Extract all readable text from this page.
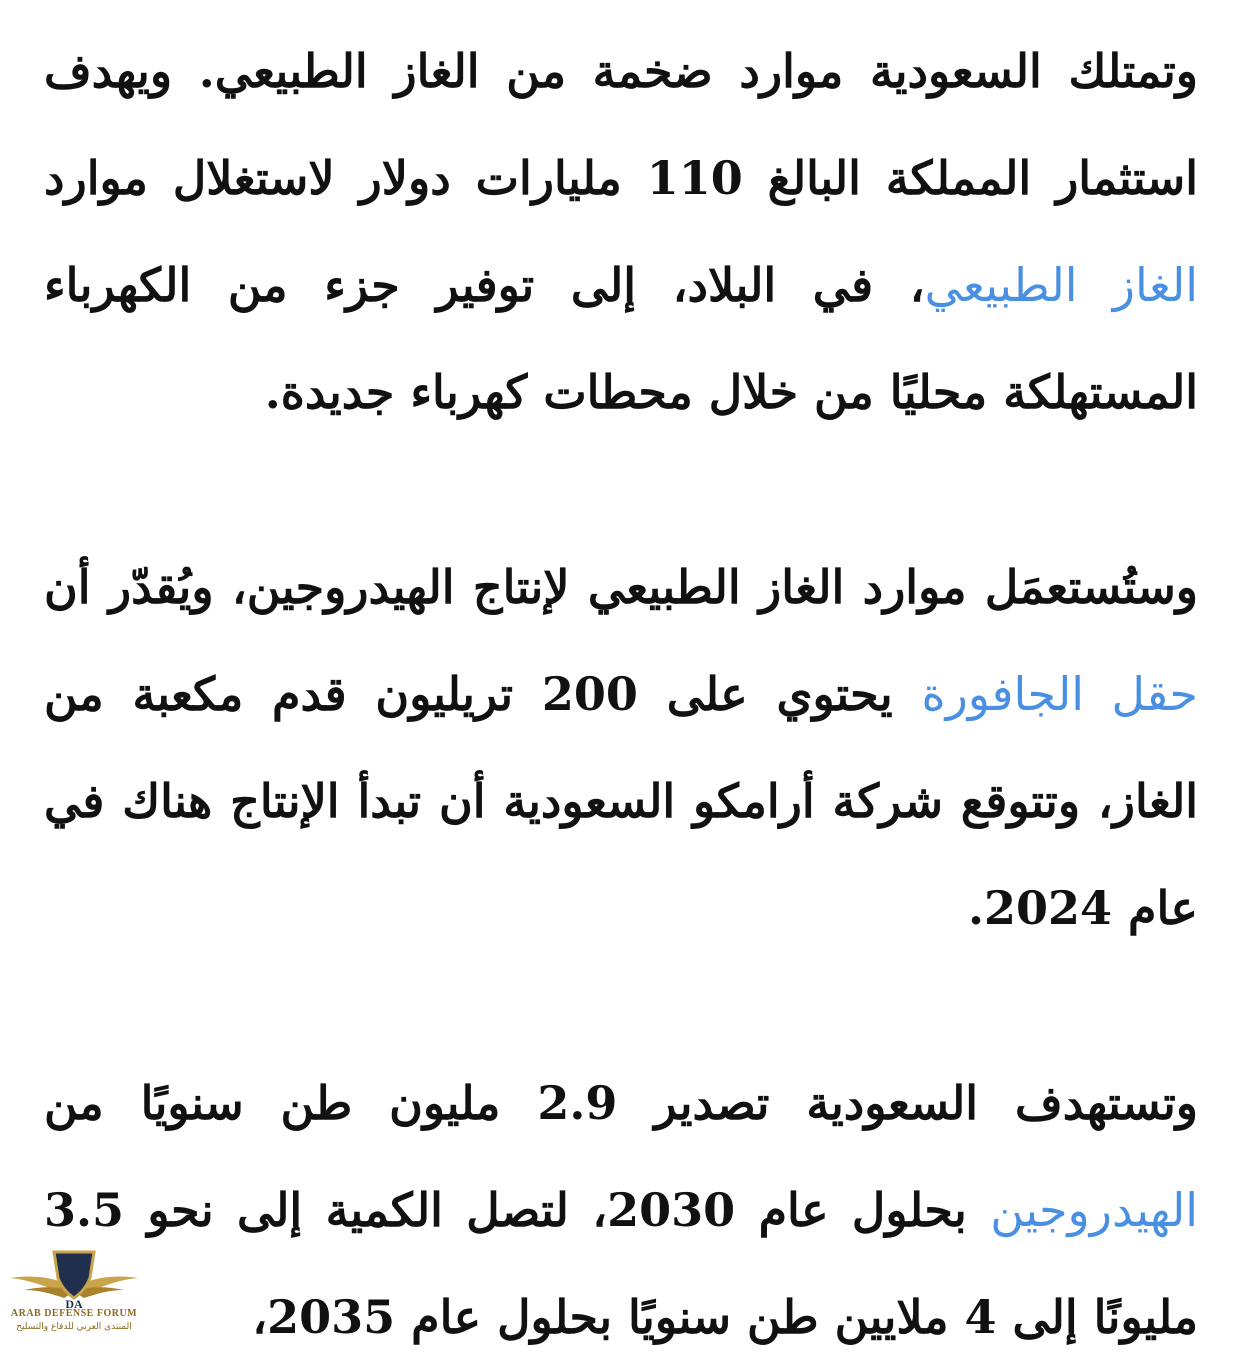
وتمتلك السعودية موارد ضخمة من الغاز الطبيعي. ويهدف استثمار المملكة البالغ 110 مليارات دولار لاستغلال موارد الغاز الطبيعي، في البلاد، إلى توفير جزء من الكهرباء المستهلكة محليًا من خلال محطات كهرباء جديدة.

وستُستعمَل موارد الغاز الطبيعي لإنتاج الهيدروجين، ويُقدّر أن حقل الجافورة يحتوي على 200 تريليون قدم مكعبة من الغاز، وتتوقع شركة أرامكو السعودية أن تبدأ الإنتاج هناك في عام 2024.

وتستهدف السعودية تصدير 2.9 مليون طن سنويًا من الهيدروجين بحلول عام 2030، لتصل الكمية إلى نحو 3.5 مليونًا إلى 4 ملايين طن سنويًا بحلول عام 2035،

DA
ARAB DEFENSE FORUM
المنتدى العربي للدفاع والتسليح
